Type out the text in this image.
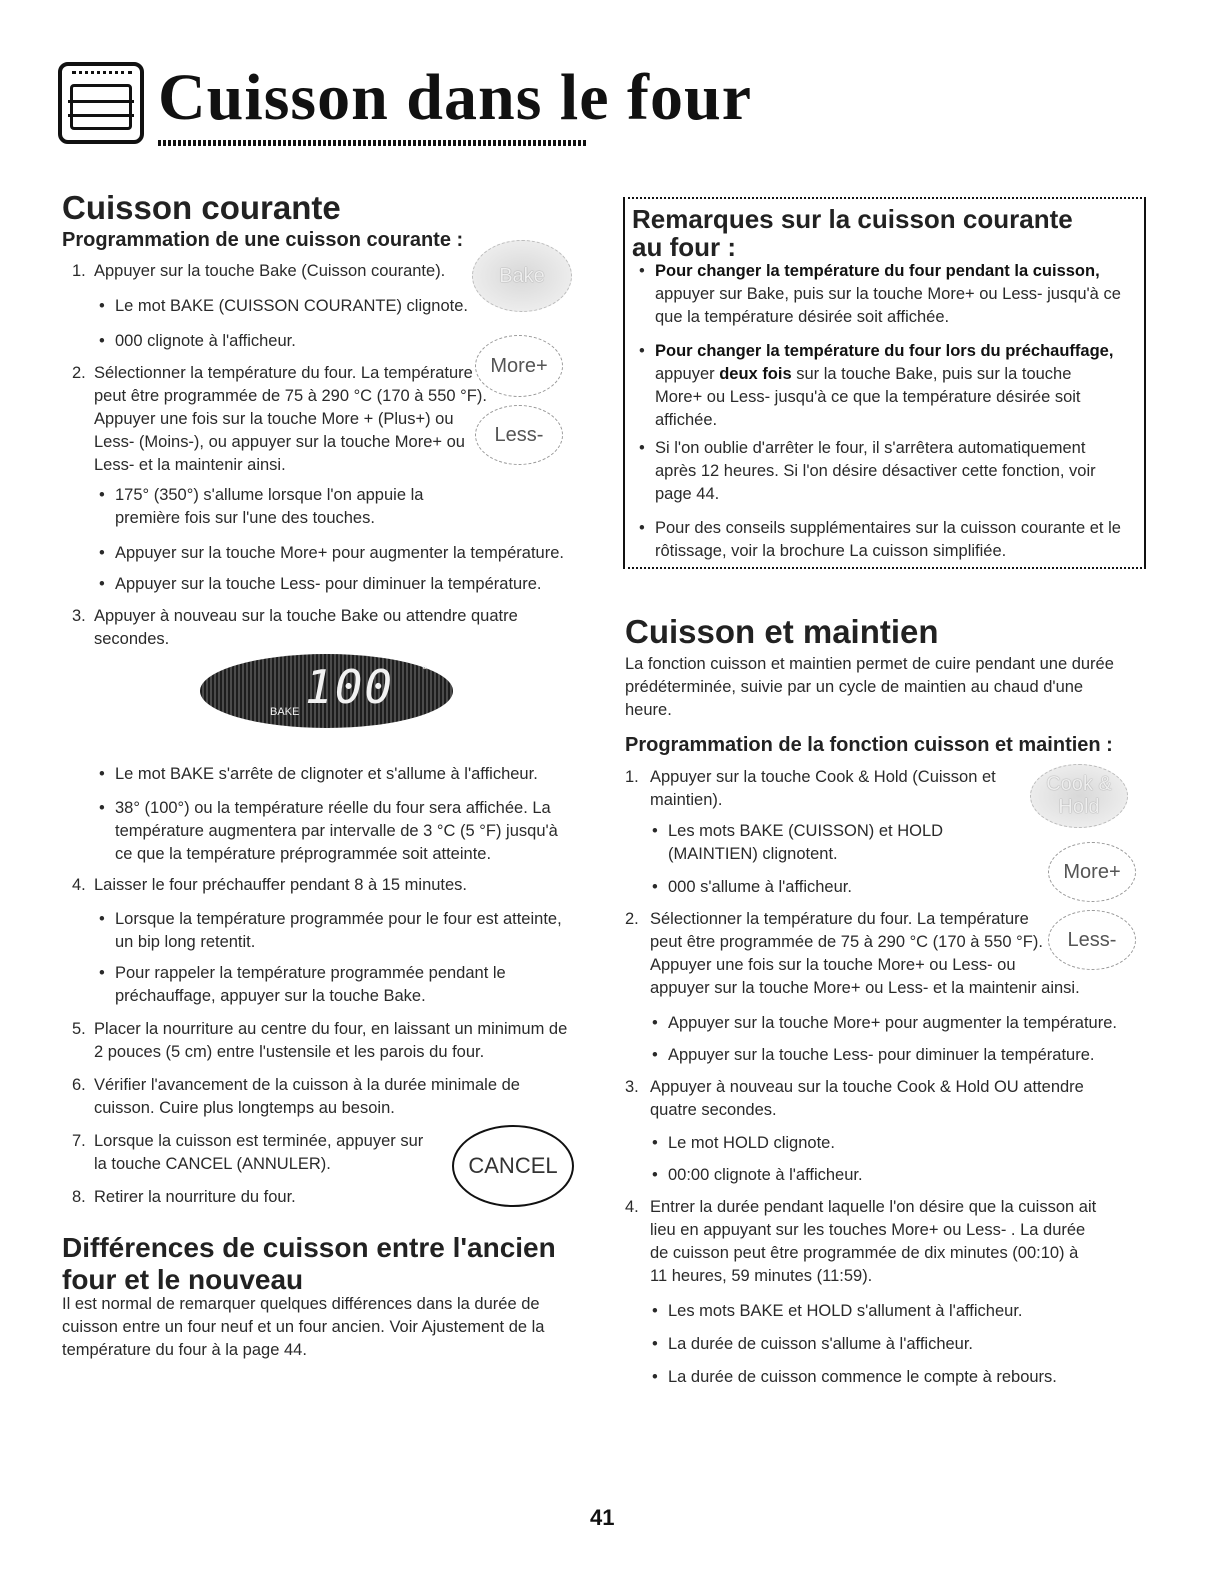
Cuisson dans le four
Cuisson courante
Programmation de une cuisson courante :
1. Appuyer sur la touche Bake (Cuisson courante).
• Le mot BAKE (CUISSON COURANTE) clignote.
• 000 clignote à l'afficheur.
Bake
More+
Less-
2. Sélectionner la température du four. La température
peut être programmée de 75 à 290 °C (170 à 550 °F).
Appuyer une fois sur la touche More + (Plus+) ou
Less- (Moins-), ou appuyer sur la touche More+ ou
Less- et la maintenir ainsi.
• 175° (350°) s'allume lorsque l'on appuie la
première fois sur l'une des touches.
• Appuyer sur la touche More+ pour augmenter la température.
• Appuyer sur la touche Less- pour diminuer la température.
3. Appuyer à nouveau sur la touche Bake ou attendre quatre
secondes.
100 °
BAKE
• Le mot BAKE s'arrête de clignoter et s'allume à l'afficheur.
• 38° (100°) ou la température réelle du four sera affichée. La
température augmentera par intervalle de 3 °C (5 °F) jusqu'à
ce que la température préprogrammée soit atteinte.
4. Laisser le four préchauffer pendant 8 à 15 minutes.
• Lorsque la température programmée pour le four est atteinte,
un bip long retentit.
• Pour rappeler la température programmée pendant le
préchauffage, appuyer sur la touche Bake.
5. Placer la nourriture au centre du four, en laissant un minimum de
2 pouces (5 cm) entre l'ustensile et les parois du four.
6. Vérifier l'avancement de la cuisson à la durée minimale de
cuisson. Cuire plus longtemps au besoin.
7. Lorsque la cuisson est terminée, appuyer sur
la touche CANCEL (ANNULER).	CANCEL
8. Retirer la nourriture du four.
Différences de cuisson entre l'ancien
four et le nouveau
Il est normal de remarquer quelques différences dans la durée de
cuisson entre un four neuf et un four ancien. Voir Ajustement de la
température du four à la page 44.
Remarques sur la cuisson courante
au four :
• Pour changer la température du four pendant la cuisson,
appuyer sur Bake, puis sur la touche More+ ou Less- jusqu'à ce
que la température désirée soit affichée.
• Pour changer la température du four lors du préchauffage,
appuyer deux fois sur la touche Bake, puis sur la touche
More+ ou Less- jusqu'à ce que la température désirée soit
affichée.
• Si l'on oublie d'arrêter le four, il s'arrêtera automatiquement
après 12 heures. Si l'on désire désactiver cette fonction, voir
page 44.
• Pour des conseils supplémentaires sur la cuisson courante et le
rôtissage, voir la brochure La cuisson simplifiée.
Cuisson et maintien
La fonction cuisson et maintien permet de cuire pendant une durée
prédéterminée, suivie par un cycle de maintien au chaud d'une
heure.
Programmation de la fonction cuisson et maintien :
Cook & Hold
More+
Less-
1. Appuyer sur la touche Cook & Hold (Cuisson et
maintien).
• Les mots BAKE (CUISSON) et HOLD
(MAINTIEN) clignotent.
• 000 s'allume à l'afficheur.
2. Sélectionner la température du four. La température
peut être programmée de 75 à 290 °C (170 à 550 °F).
Appuyer une fois sur la touche More+ ou Less- ou
appuyer sur la touche More+ ou Less- et la maintenir ainsi.
• Appuyer sur la touche More+ pour augmenter la température.
• Appuyer sur la touche Less- pour diminuer la température.
3. Appuyer à nouveau sur la touche Cook & Hold OU attendre
quatre secondes.
• Le mot HOLD clignote.
• 00:00 clignote à l'afficheur.
4. Entrer la durée pendant laquelle l'on désire que la cuisson ait
lieu en appuyant sur les touches More+ ou Less- . La durée
de cuisson peut être programmée de dix minutes (00:10) à
11 heures, 59 minutes (11:59).
• Les mots BAKE et HOLD s'allument à l'afficheur.
• La durée de cuisson s'allume à l'afficheur.
• La durée de cuisson commence le compte à rebours.
41
